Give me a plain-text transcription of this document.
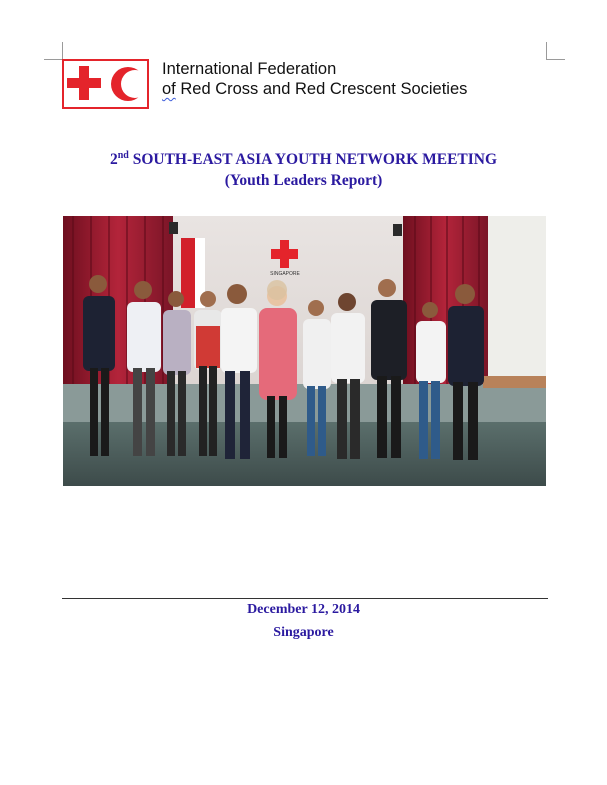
International Federation
of Red Cross and Red Crescent Societies
2nd SOUTH-EAST ASIA YOUTH NETWORK MEETING
(Youth Leaders Report)
SINGAPORE
December 12, 2014
Singapore
